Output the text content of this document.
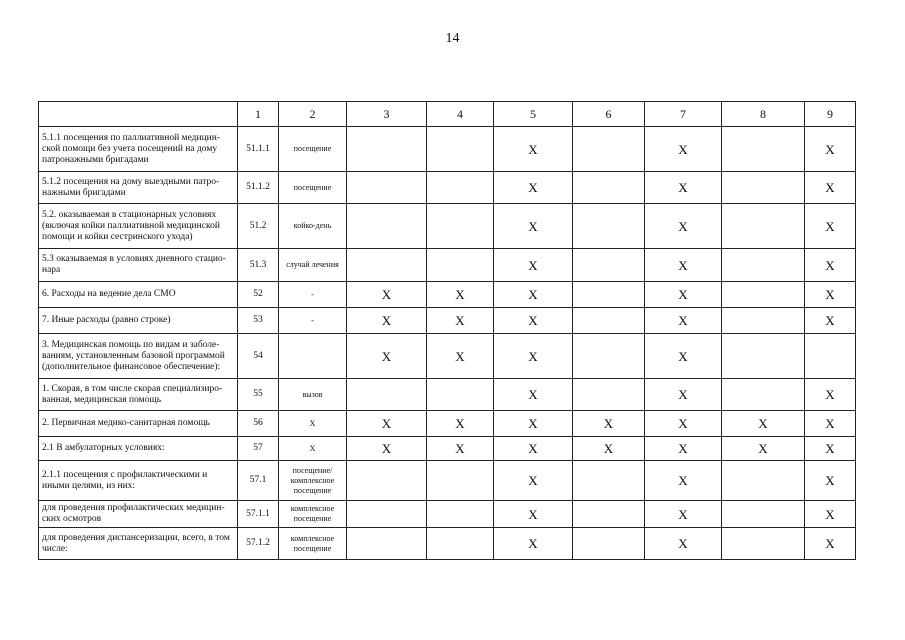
14
	1	2	3	4	5	6	7	8	9
5.1.1 посещения по паллиативной медицин-ской помощи без учета посещений на дому патронажными бригадами	51.1.1	посещение			X		X		X
5.1.2 посещения на дому выездными патро-нажными бригадами	51.1.2	посещение			X		X		X
5.2. оказываемая в стационарных условиях (включая койки паллиативной медицинской помощи и койки сестринского ухода)	51.2	койко-день			X		X		X
5.3 оказываемая в условиях дневного стацио-нара	51.3	случай лечения			X		X		X
6. Расходы на ведение дела СМО	52	-	X	X	X		X		X
7. Иные расходы (равно строке)	53	-	X	X	X		X		X
3. Медицинская помощь по видам и заболе-ваниям, установленным базовой программой (дополнительное финансовое обеспечение):	54		X	X	X		X		
1. Скорая, в том числе скорая специализиро-ванная, медицинская помощь	55	вызов			X		X		X
2. Первичная медико-санитарная помощь	56	X	X	X	X	X	X	X	X
2.1 В амбулаторных условиях:	57	X	X	X	X	X	X	X	X
2.1.1 посещения с профилактическими и иными целями, из них:	57.1	посещение/ комплексное посещение			X		X		X
для проведения профилактических медицин-ских осмотров	57.1.1	комплексное посещение			X		X		X
для проведения диспансеризации, всего, в том числе:	57.1.2	комплексное посещение			X		X		X
